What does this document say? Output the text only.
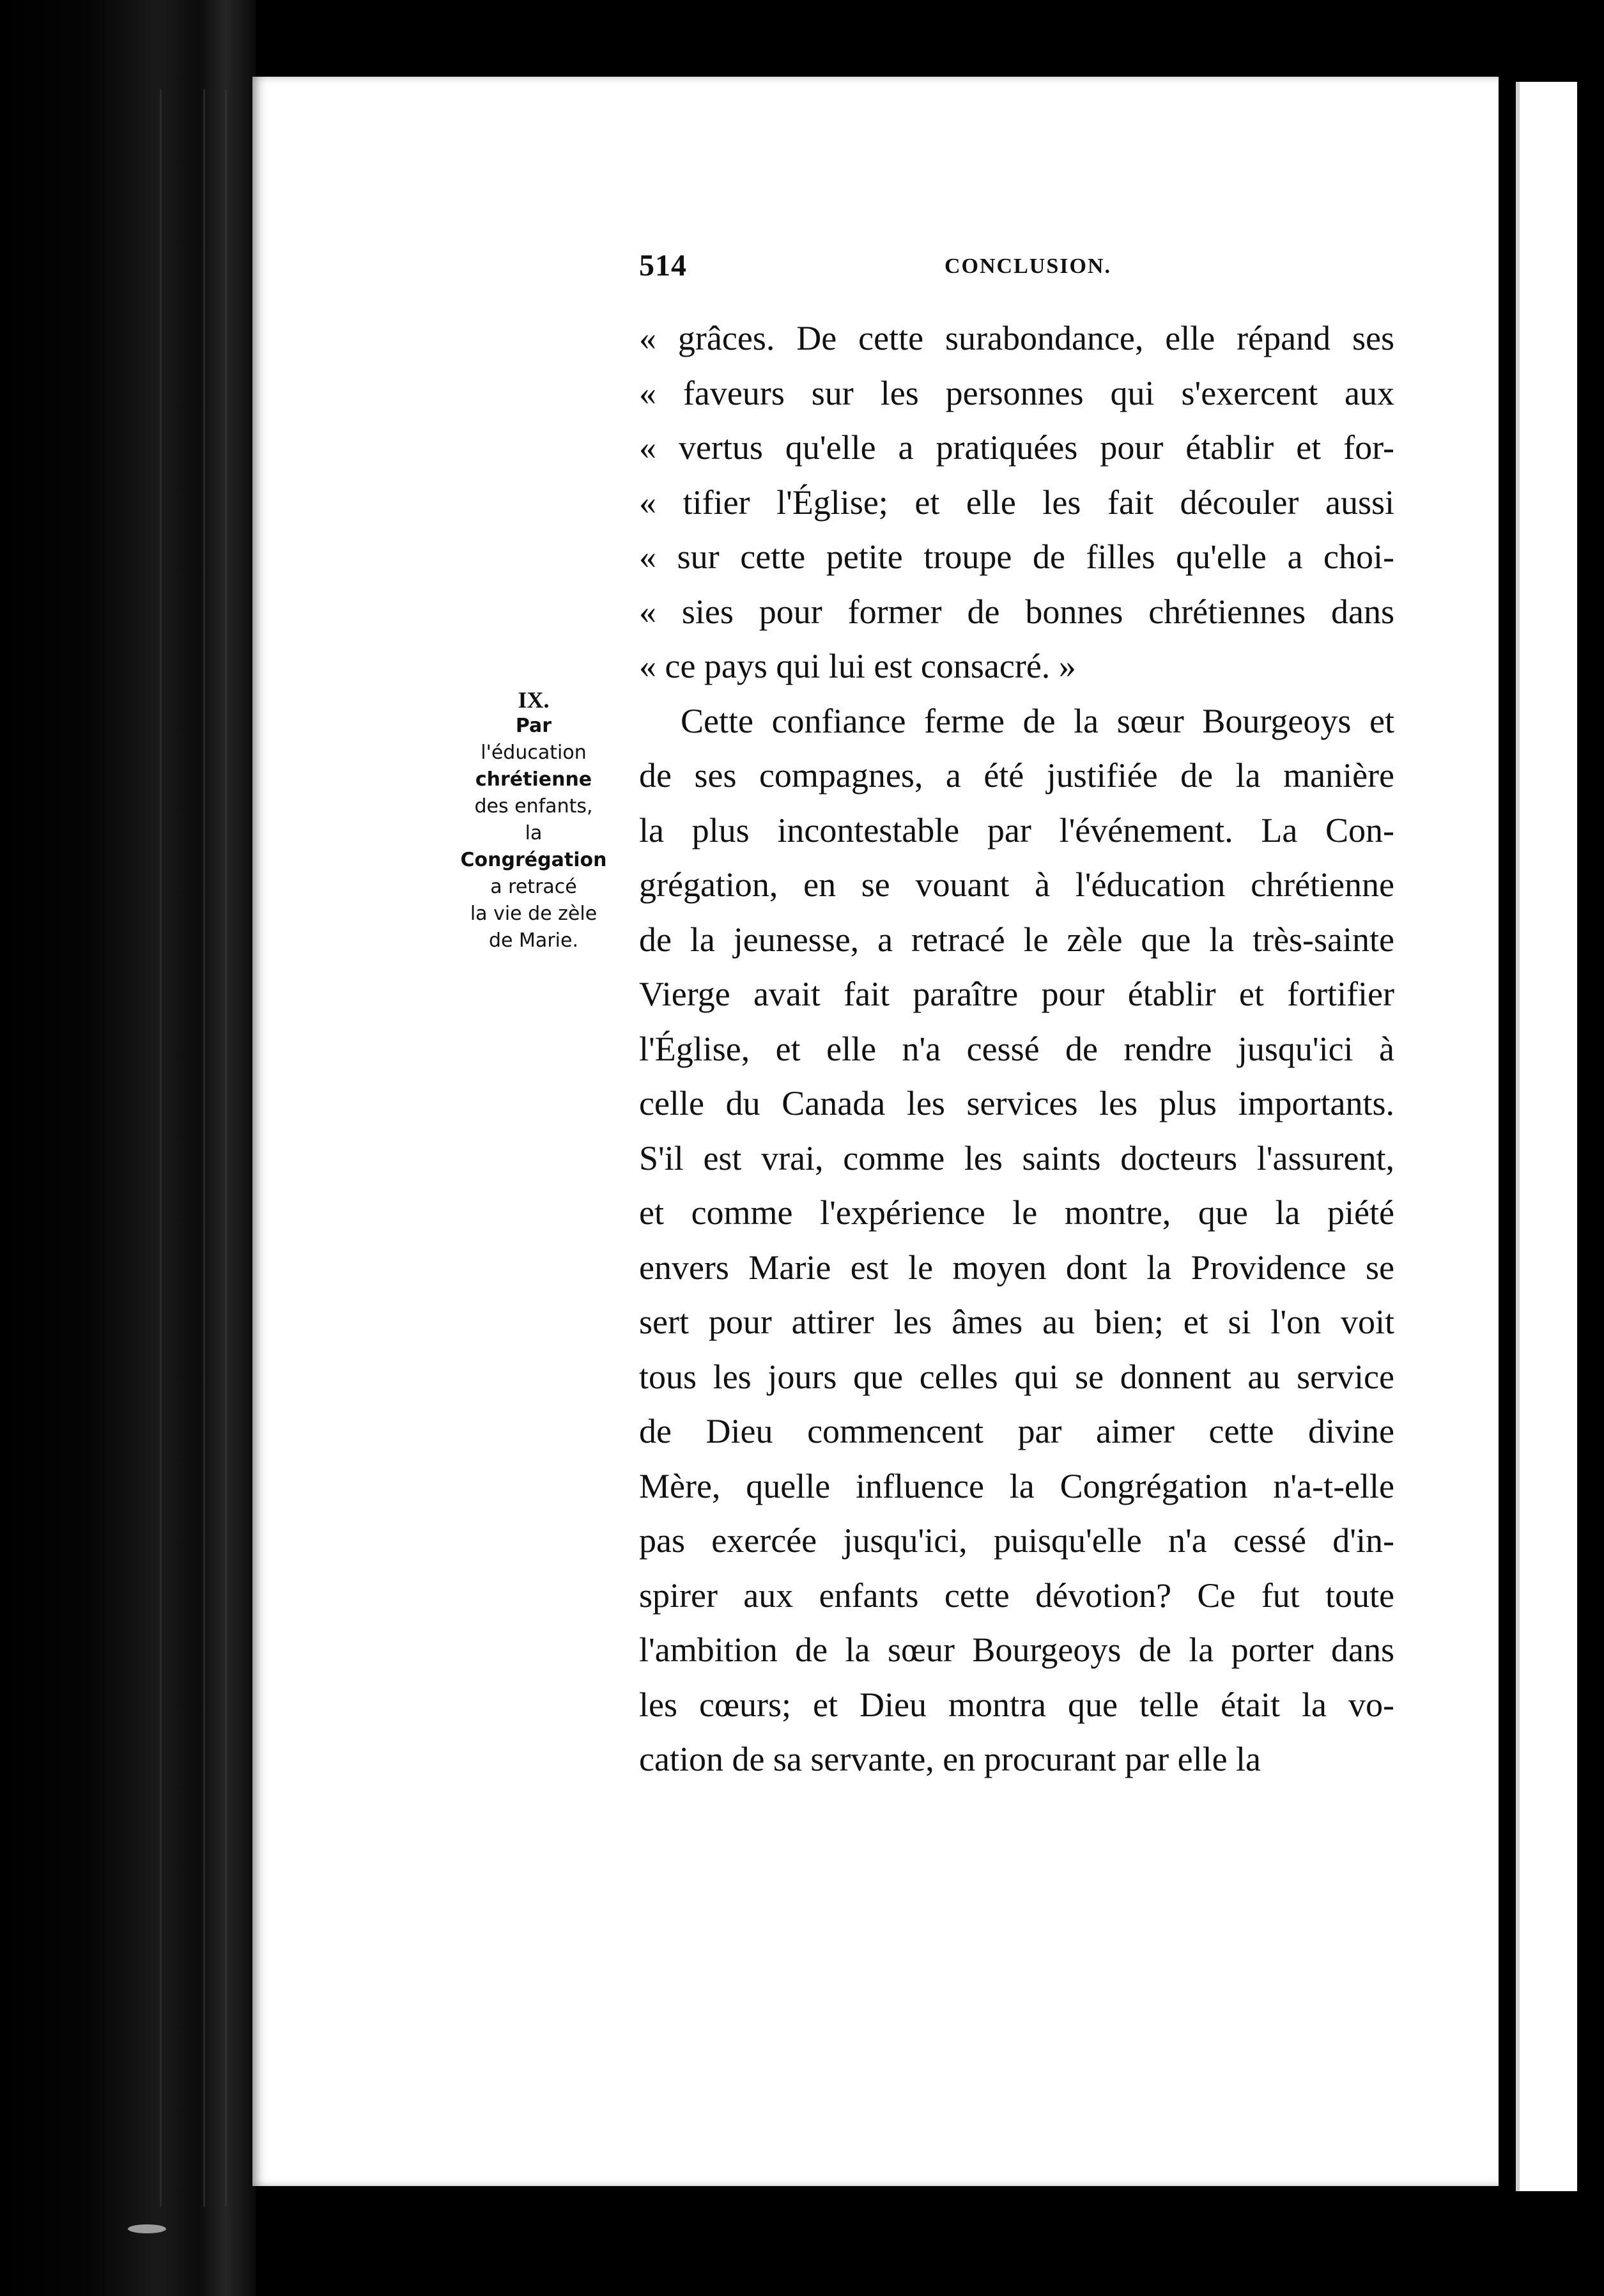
514	CONCLUSION.
IX.
Par
l'éducation
chrétienne
des enfants,
la
Congrégation
a retracé
la vie de zèle
de Marie.
« grâces. De cette surabondance, elle répand ses
« faveurs sur les personnes qui s'exercent aux
« vertus qu'elle a pratiquées pour établir et for-
« tifier l'Église; et elle les fait découler aussi
« sur cette petite troupe de filles qu'elle a choi-
« sies pour former de bonnes chrétiennes dans
« ce pays qui lui est consacré. »
Cette confiance ferme de la sœur Bourgeoys et
de ses compagnes, a été justifiée de la manière
la plus incontestable par l'événement. La Con-
grégation, en se vouant à l'éducation chrétienne
de la jeunesse, a retracé le zèle que la très-sainte
Vierge avait fait paraître pour établir et fortifier
l'Église, et elle n'a cessé de rendre jusqu'ici à
celle du Canada les services les plus importants.
S'il est vrai, comme les saints docteurs l'assurent,
et comme l'expérience le montre, que la piété
envers Marie est le moyen dont la Providence se
sert pour attirer les âmes au bien; et si l'on voit
tous les jours que celles qui se donnent au service
de Dieu commencent par aimer cette divine
Mère, quelle influence la Congrégation n'a-t-elle
pas exercée jusqu'ici, puisqu'elle n'a cessé d'in-
spirer aux enfants cette dévotion? Ce fut toute
l'ambition de la sœur Bourgeoys de la porter dans
les cœurs; et Dieu montra que telle était la vo-
cation de sa servante, en procurant par elle la
